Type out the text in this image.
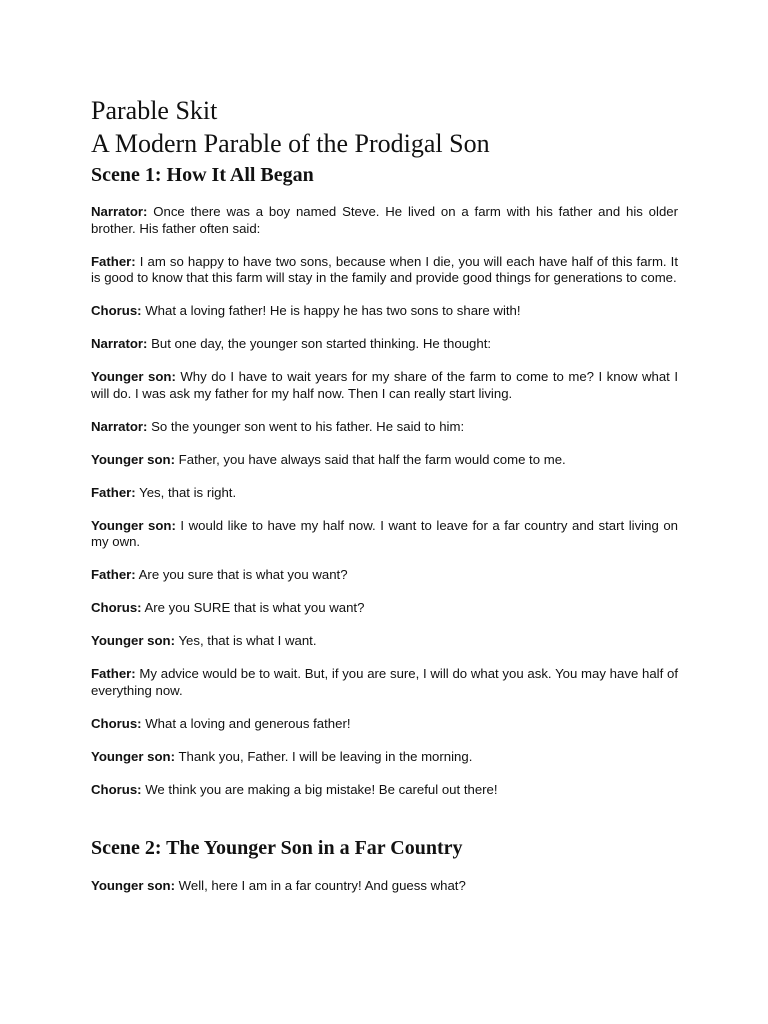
Parable Skit
A Modern Parable of the Prodigal Son
Scene 1: How It All Began

Narrator: Once there was a boy named Steve. He lived on a farm with his father and his older brother. His father often said:

Father: I am so happy to have two sons, because when I die, you will each have half of this farm. It is good to know that this farm will stay in the family and provide good things for generations to come.

Chorus: What a loving father! He is happy he has two sons to share with!

Narrator: But one day, the younger son started thinking. He thought:

Younger son: Why do I have to wait years for my share of the farm to come to me? I know what I will do. I was ask my father for my half now. Then I can really start living.

Narrator: So the younger son went to his father. He said to him:

Younger son: Father, you have always said that half the farm would come to me.

Father: Yes, that is right.

Younger son: I would like to have my half now. I want to leave for a far country and start living on my own.

Father: Are you sure that is what you want?

Chorus: Are you SURE that is what you want?

Younger son: Yes, that is what I want.

Father: My advice would be to wait. But, if you are sure, I will do what you ask. You may have half of everything now.

Chorus: What a loving and generous father!

Younger son: Thank you, Father. I will be leaving in the morning.

Chorus: We think you are making a big mistake! Be careful out there!

Scene 2: The Younger Son in a Far Country

Younger son: Well, here I am in a far country! And guess what?
